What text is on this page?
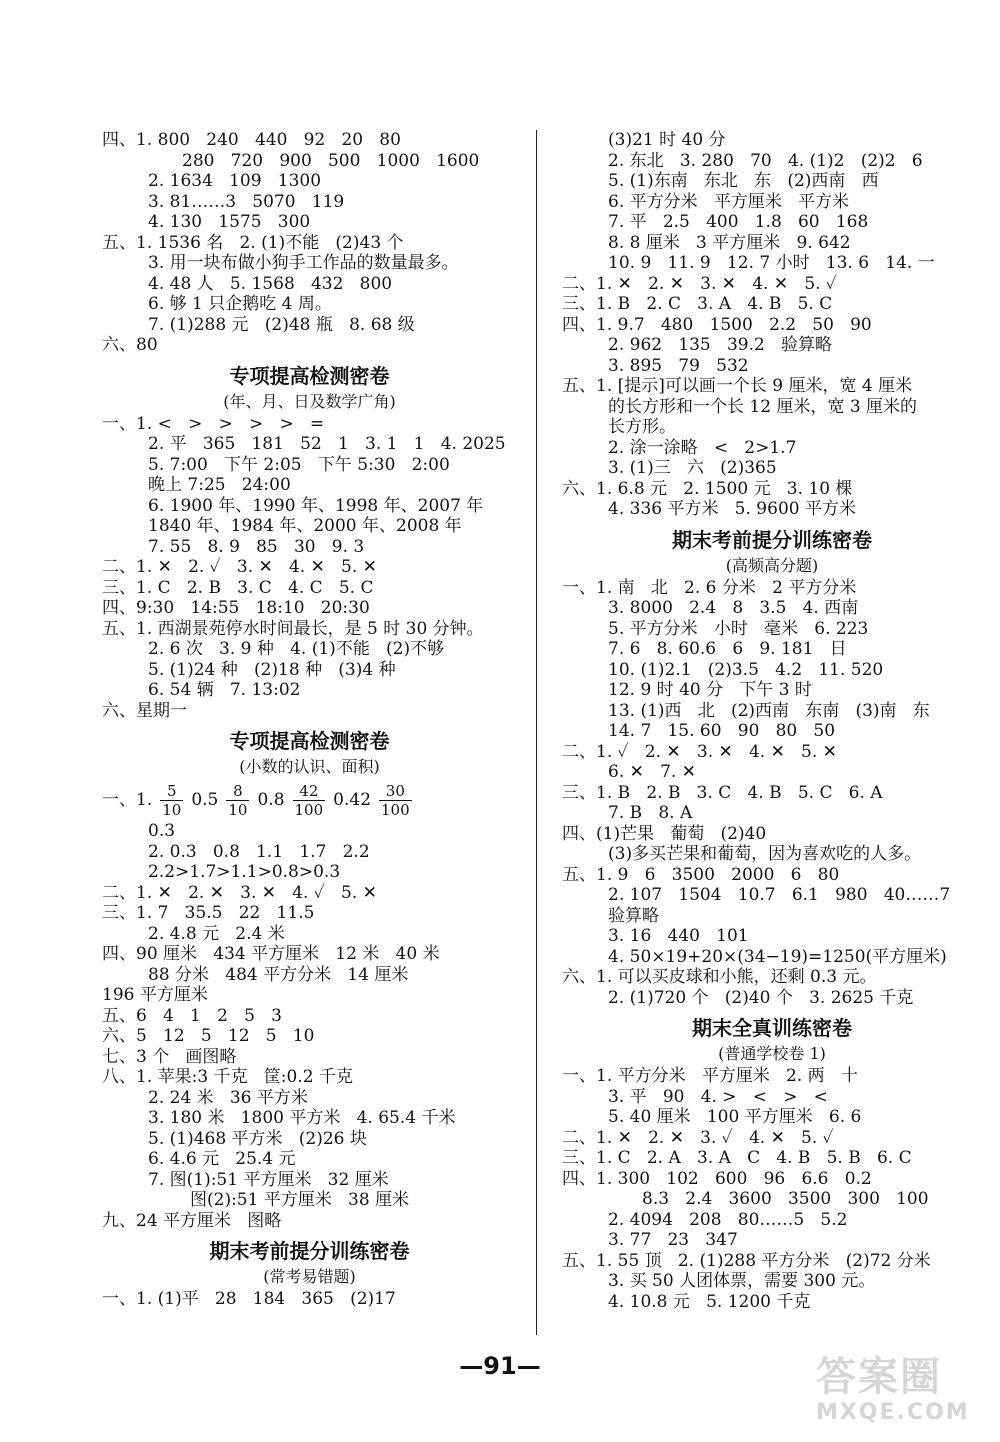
四、1. 800   240   440   92   20   80
280   720   900   500   1000   1600
2. 1634   109   1300
3. 81……3   5070   119
4. 130   1575   300
五、1. 1536 名   2. (1)不能   (2)43 个
3. 用一块布做小狗手工作品的数量最多。
4. 48 人   5. 1568   432   800
6. 够 1 只企鹅吃 4 周。
7. (1)288 元   (2)48 瓶   8. 68 级
六、80
专项提高检测密卷
(年、月、日及数学广角)
一、1. <   >   >   >   >   =
2. 平   365   181   52   1   3. 1   1   4. 2025
5. 7:00   下午 2:05   下午 5:30   2:00
晚上 7:25   24:00
6. 1900 年、1990 年、1998 年、2007 年
1840 年、1984 年、2000 年、2008 年
7. 55   8. 9   85   30   9. 3
二、1. ✕   2. ✓   3. ✕   4. ✕   5. ✕
三、1. C   2. B   3. C   4. C   5. C
四、9:30   14:55   18:10   20:30
五、1. 西湖景苑停水时间最长，是 5 时 30 分钟。
2. 6 次   3. 9 种   4. (1)不能   (2)不够
5. (1)24 种   (2)18 种   (3)4 种
6. 54 辆   7. 13:02
六、星期一
专项提高检测密卷
(小数的认识、面积)
一、1. $\frac{5}{10} 0.5 \frac{8}{10} 0.8 \frac{42}{100} 0.42 \frac{30}{100}$
0.3
2. 0.3   0.8   1.1   1.7   2.2
2.2>1.7>1.1>0.8>0.3
二、1. ✕   2. ✕   3. ✕   4. ✓   5. ✕
三、1. 7   35.5   22   11.5
2. 4.8 元   2.4 米
四、90 厘米   434 平方厘米   12 米   40 米
88 分米   484 平方分米   14 厘米
196 平方厘米
五、6   4   1   2   5   3
六、5   12   5   12   5   10
七、3 个   画图略
八、1. 苹果:3 千克   筐:0.2 千克
2. 24 米   36 平方米
3. 180 米   1800 平方米   4. 65.4 千米
5. (1)468 平方米   (2)26 块
6. 4.6 元   25.4 元
7. 图(1):51 平方厘米   32 厘米
图(2):51 平方厘米   38 厘米
九、24 平方厘米   图略
期末考前提分训练密卷
(常考易错题)
一、1. (1)平   28   184   365   (2)17
(3)21 时 40 分
2. 东北   3. 280   70   4. (1)2   (2)2   6
5. (1)东南   东北   东   (2)西南   西
6. 平方分米   平方厘米   平方米
7. 平   2.5   400   1.8   60   168
8. 8 厘米   3 平方厘米   9. 642
10. 9   11. 9   12. 7 小时   13. 6   14. 一
二、1. ✕   2. ✕   3. ✕   4. ✕   5. ✓
三、1. B   2. C   3. A   4. B   5. C
四、1. 9.7   480   1500   2.2   50   90
2. 962   135   39.2   验算略
3. 895   79   532
五、1. [提示]可以画一个长 9 厘米，宽 4 厘米
的长方形和一个长 12 厘米，宽 3 厘米的
长方形。
2. 涂一涂略   <   2>1.7
3. (1)三   六   (2)365
六、1. 6.8 元   2. 1500 元   3. 10 棵
4. 336 平方米   5. 9600 平方米
期末考前提分训练密卷
(高频高分题)
一、1. 南   北   2. 6 分米   2 平方分米
3. 8000   2.4   8   3.5   4. 西南
5. 平方分米   小时   毫米   6. 223
7. 6   8. 60.6   6   9. 181   日
10. (1)2.1   (2)3.5   4.2   11. 520
12. 9 时 40 分   下午 3 时
13. (1)西   北   (2)西南   东南   (3)南   东
14. 7   15. 60   90   80   50
二、1. ✓   2. ✕   3. ✕   4. ✕   5. ✕
6. ✕   7. ✕
三、1. B   2. B   3. C   4. B   5. C   6. A
7. B   8. A
四、(1)芒果   葡萄   (2)40
(3)多买芒果和葡萄，因为喜欢吃的人多。
五、1. 9   6   3500   2000   6   80
2. 107   1504   10.7   6.1   980   40……7
验算略
3. 16   440   101
4. 50×19+20×(34−19)=1250(平方厘米)
六、1. 可以买皮球和小熊，还剩 0.3 元。
2. (1)720 个   (2)40 个   3. 2625 千克
期末全真训练密卷
(普通学校卷 1)
一、1. 平方分米   平方厘米   2. 两   十
3. 平   90   4. >   <   >   <
5. 40 厘米   100 平方厘米   6. 6
二、1. ✕   2. ✕   3. ✓   4. ✕   5. ✓
三、1. C   2. A   3. A   C   4. B   5. B   6. C
四、1. 300   102   600   96   6.6   0.2
8.3   2.4   3600   3500   300   100
2. 4094   208   80……5   5.2
3. 77   23   347
五、1. 55 顶   2. (1)288 平方分米   (2)72 分米
3. 买 50 人团体票，需要 300 元。
4. 10.8 元   5. 1200 千克
—91—	答案圈
MXQE.COM
